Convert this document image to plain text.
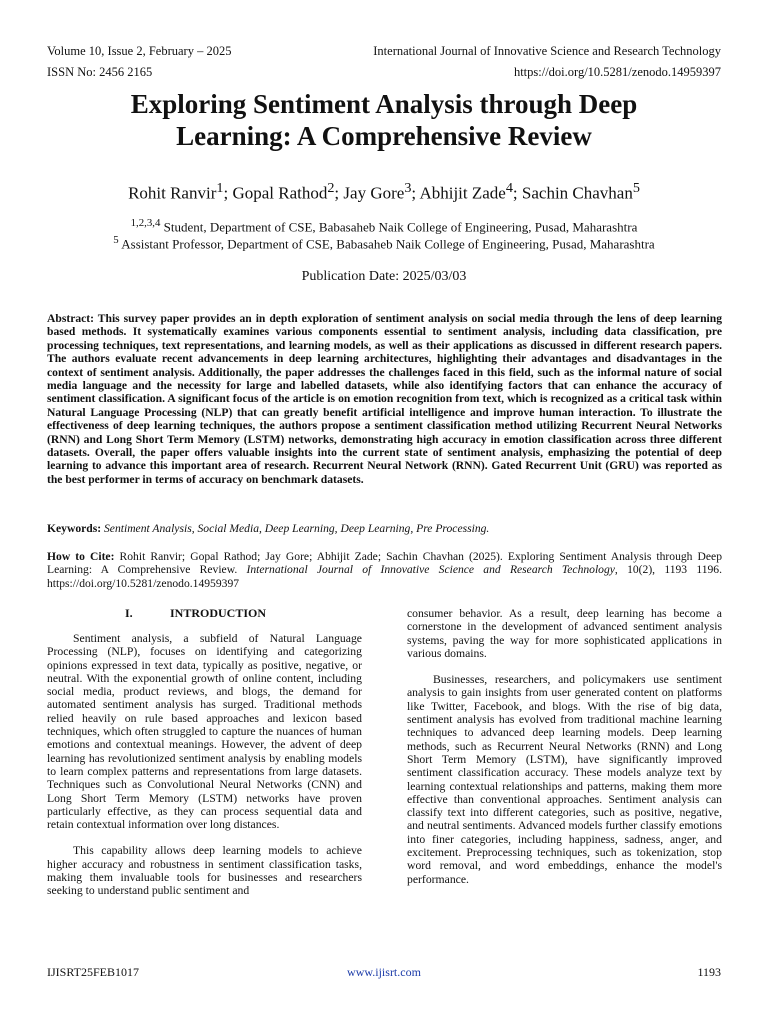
Volume 10, Issue 2, February – 2025	International Journal of Innovative Science and Research Technology
ISSN No: 2456 2165	https://doi.org/10.5281/zenodo.14959397
Exploring Sentiment Analysis through Deep
Learning: A Comprehensive Review
Rohit Ranvir$^1$; Gopal Rathod$^2$; Jay Gore$^3$; Abhijit Zade$^4$; Sachin Chavhan$^5$
$^{1,2,3,4}$ Student, Department of CSE, Babasaheb Naik College of Engineering, Pusad, Maharashtra
$^5$ Assistant Professor, Department of CSE, Babasaheb Naik College of Engineering, Pusad, Maharashtra
Publication Date: 2025/03/03
Abstract: This survey paper provides an in depth exploration of sentiment analysis on social media through the lens of deep learning based methods. It systematically examines various components essential to sentiment analysis, including data classification, pre processing techniques, text representations, and learning models, as well as their applications as discussed in different research papers. The authors evaluate recent advancements in deep learning architectures, highlighting their advantages and disadvantages in the context of sentiment analysis. Additionally, the paper addresses the challenges faced in this field, such as the informal nature of social media language and the necessity for large and labelled datasets, while also identifying factors that can enhance the accuracy of sentiment classification. A significant focus of the article is on emotion recognition from text, which is recognized as a critical task within Natural Language Processing (NLP) that can greatly benefit artificial intelligence and improve human interaction. To illustrate the effectiveness of deep learning techniques, the authors propose a sentiment classification method utilizing Recurrent Neural Networks (RNN) and Long Short Term Memory (LSTM) networks, demonstrating high accuracy in emotion classification across three different datasets. Overall, the paper offers valuable insights into the current state of sentiment analysis, emphasizing the potential of deep learning to advance this important area of research. Recurrent Neural Network (RNN). Gated Recurrent Unit (GRU) was reported as the best performer in terms of accuracy on benchmark datasets.
Keywords: Sentiment Analysis, Social Media, Deep Learning, Deep Learning, Pre Processing.
How to Cite: Rohit Ranvir; Gopal Rathod; Jay Gore; Abhijit Zade; Sachin Chavhan (2025). Exploring Sentiment Analysis through Deep Learning: A Comprehensive Review. International Journal of Innovative Science and Research Technology, 10(2), 1193 1196. https://doi.org/10.5281/zenodo.14959397
I.	INTRODUCTION

Sentiment analysis, a subfield of Natural Language Processing (NLP), focuses on identifying and categorizing opinions expressed in text data, typically as positive, negative, or neutral. With the exponential growth of online content, including social media, product reviews, and blogs, the demand for automated sentiment analysis has surged. Traditional methods relied heavily on rule based approaches and lexicon based techniques, which often struggled to capture the nuances of human emotions and contextual meanings. However, the advent of deep learning has revolutionized sentiment analysis by enabling models to learn complex patterns and representations from large datasets. Techniques such as Convolutional Neural Networks (CNN) and Long Short Term Memory (LSTM) networks have proven particularly effective, as they can process sequential data and retain contextual information over long distances.

This capability allows deep learning models to achieve higher accuracy and robustness in sentiment classification tasks, making them invaluable tools for businesses and researchers seeking to understand public sentiment and

consumer behavior. As a result, deep learning has become a cornerstone in the development of advanced sentiment analysis systems, paving the way for more sophisticated applications in various domains.

Businesses, researchers, and policymakers use sentiment analysis to gain insights from user generated content on platforms like Twitter, Facebook, and blogs. With the rise of big data, sentiment analysis has evolved from traditional machine learning techniques to advanced deep learning models. Deep learning methods, such as Recurrent Neural Networks (RNN) and Long Short Term Memory (LSTM), have significantly improved sentiment classification accuracy. These models analyze text by learning contextual relationships and patterns, making them more effective than conventional approaches. Sentiment analysis can classify text into different categories, such as positive, negative, and neutral sentiments. Advanced models further classify emotions into finer categories, including happiness, sadness, anger, and excitement. Preprocessing techniques, such as tokenization, stop word removal, and word embeddings, enhance the model's performance.

IJISRT25FEB1017	www.ijisrt.com	1193
